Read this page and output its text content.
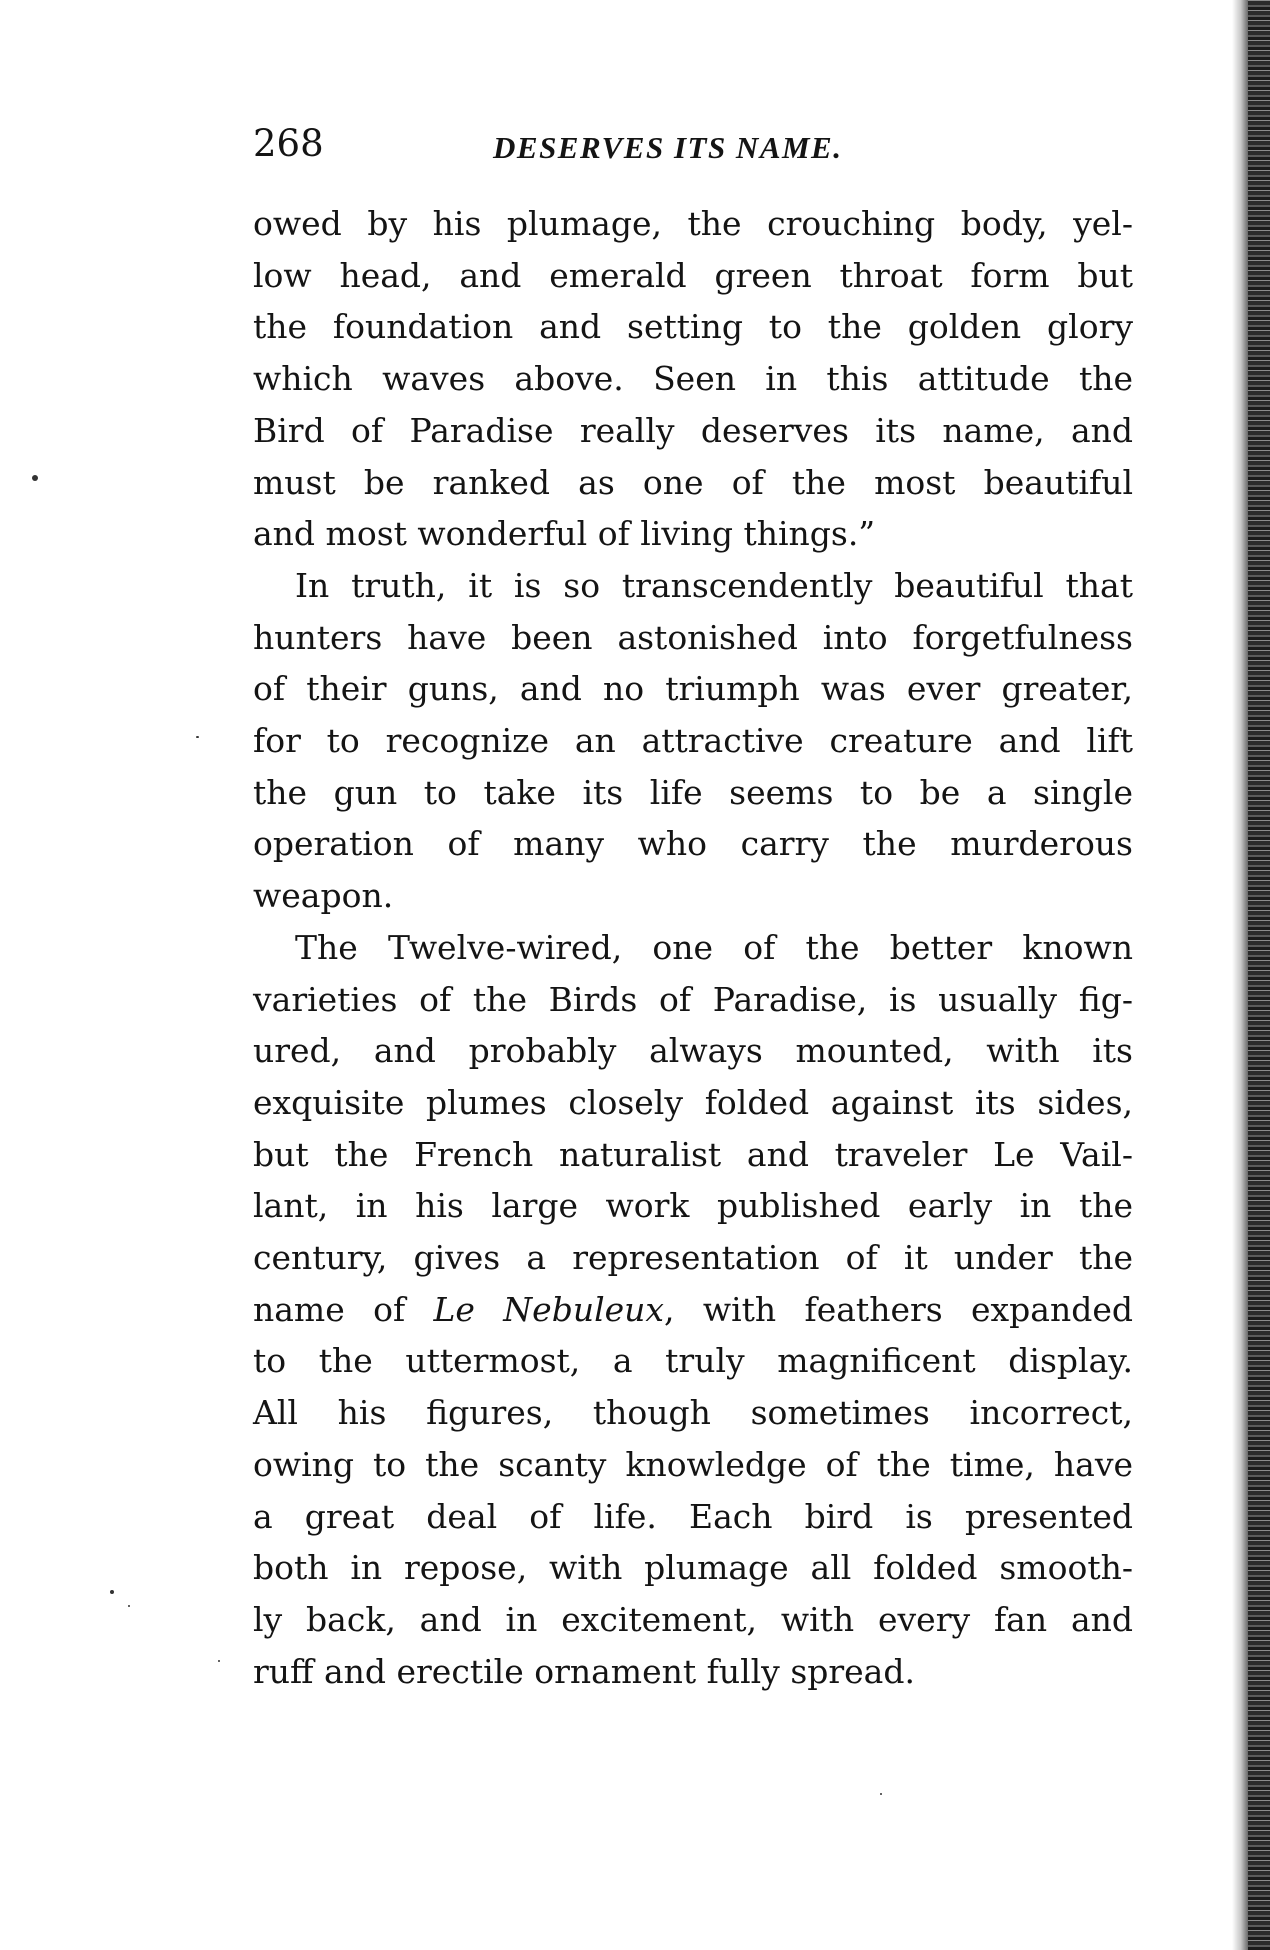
268	DESERVES ITS NAME.
owed by his plumage, the crouching body, yel-
low head, and emerald green throat form but
the foundation and setting to the golden glory
which waves above. Seen in this attitude the
Bird of Paradise really deserves its name, and
must be ranked as one of the most beautiful
and most wonderful of living things.”
In truth, it is so transcendently beautiful that
hunters have been astonished into forgetfulness
of their guns, and no triumph was ever greater,
for to recognize an attractive creature and lift
the gun to take its life seems to be a single
operation of many who carry the murderous
weapon.
The Twelve-wired, one of the better known
varieties of the Birds of Paradise, is usually fig-
ured, and probably always mounted, with its
exquisite plumes closely folded against its sides,
but the French naturalist and traveler Le Vail-
lant, in his large work published early in the
century, gives a representation of it under the
name of Le Nebuleux, with feathers expanded
to the uttermost, a truly magnificent display.
All his figures, though sometimes incorrect,
owing to the scanty knowledge of the time, have
a great deal of life. Each bird is presented
both in repose, with plumage all folded smooth-
ly back, and in excitement, with every fan and
ruff and erectile ornament fully spread.
